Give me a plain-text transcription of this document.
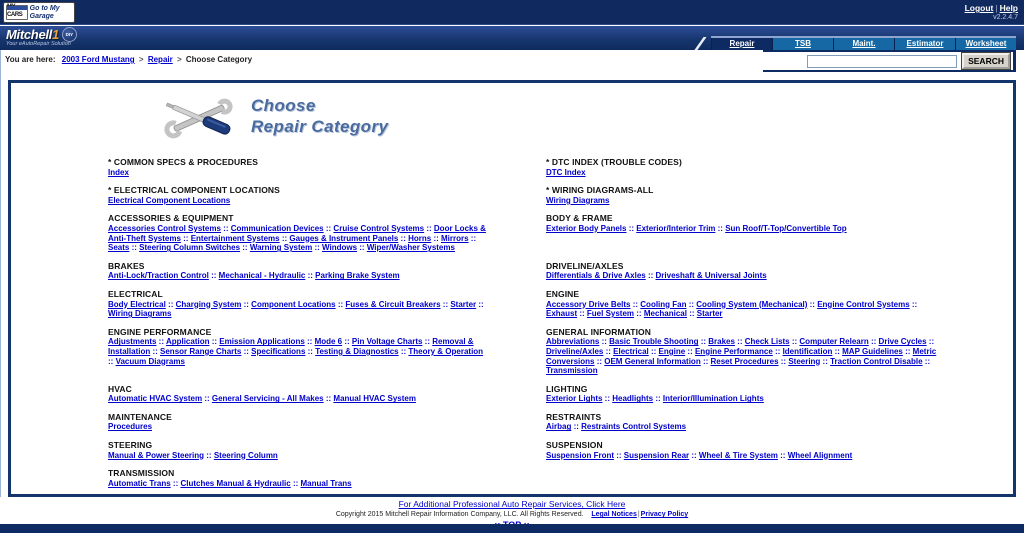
CARS
Go to My Garage
Logout | Help
v2.2.4.7
Mitchell1	DIY
Your eAutoRepair Solution	Repair	TSB	Maint.	Estimator	Worksheet
You are here: 2003 Ford Mustang > Repair > Choose Category	SEARCH
Choose
Repair Category
* COMMON SPECS & PROCEDURES
Index
* DTC INDEX (TROUBLE CODES)
DTC Index
* ELECTRICAL COMPONENT LOCATIONS
Electrical Component Locations
* WIRING DIAGRAMS-ALL
Wiring Diagrams
ACCESSORIES & EQUIPMENT
Accessories Control Systems :: Communication Devices :: Cruise Control Systems :: Door Locks & Anti-Theft Systems :: Entertainment Systems :: Gauges & Instrument Panels :: Horns :: Mirrors :: Seats :: Steering Column Switches :: Warning System :: Windows :: Wiper/Washer Systems
BODY & FRAME
Exterior Body Panels :: Exterior/Interior Trim :: Sun Roof/T-Top/Convertible Top
BRAKES
Anti-Lock/Traction Control :: Mechanical - Hydraulic :: Parking Brake System
DRIVELINE/AXLES
Differentials & Drive Axles :: Driveshaft & Universal Joints
ELECTRICAL
Body Electrical :: Charging System :: Component Locations :: Fuses & Circuit Breakers :: Starter :: Wiring Diagrams
ENGINE
Accessory Drive Belts :: Cooling Fan :: Cooling System (Mechanical) :: Engine Control Systems :: Exhaust :: Fuel System :: Mechanical :: Starter
ENGINE PERFORMANCE
Adjustments :: Application :: Emission Applications :: Mode 6 :: Pin Voltage Charts :: Removal & Installation :: Sensor Range Charts :: Specifications :: Testing & Diagnostics :: Theory & Operation :: Vacuum Diagrams
GENERAL INFORMATION
Abbreviations :: Basic Trouble Shooting :: Brakes :: Check Lists :: Computer Relearn :: Drive Cycles :: Driveline/Axles :: Electrical :: Engine :: Engine Performance :: Identification :: MAP Guidelines :: Metric Conversions :: OEM General Information :: Reset Procedures :: Steering :: Traction Control Disable :: Transmission
HVAC
Automatic HVAC System :: General Servicing - All Makes :: Manual HVAC System
LIGHTING
Exterior Lights :: Headlights :: Interior/Illumination Lights
MAINTENANCE
Procedures
RESTRAINTS
Airbag :: Restraints Control Systems
STEERING
Manual & Power Steering :: Steering Column
SUSPENSION
Suspension Front :: Suspension Rear :: Wheel & Tire System :: Wheel Alignment
TRANSMISSION
Automatic Trans :: Clutches Manual & Hydraulic :: Manual Trans
For Additional Professional Auto Repair Services, Click Here
Copyright 2015 Mitchell Repair Information Company, LLC. All Rights Reserved. Legal Notices|Privacy Policy
